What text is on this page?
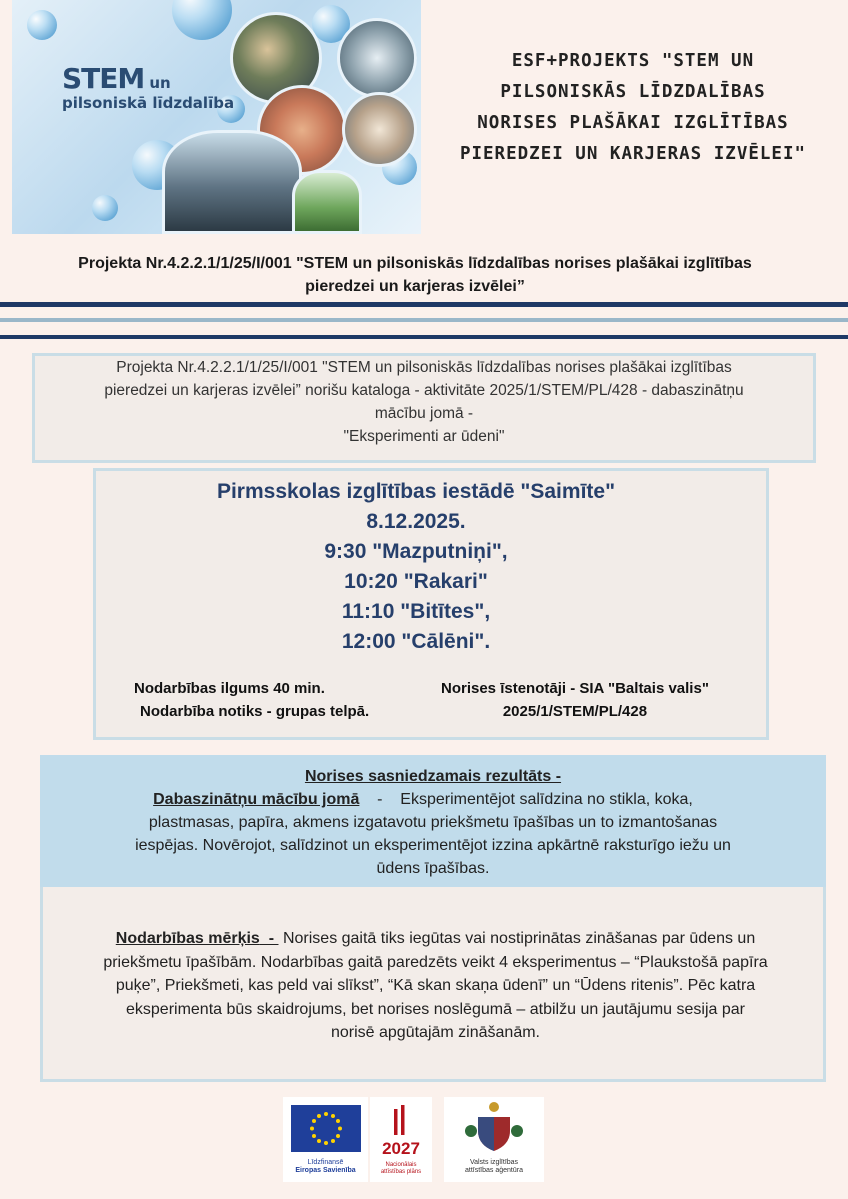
STEM un
pilsoniskā līdzdalība
ESF+PROJEKTS "STEM UN
PILSONISKĀS LĪDZDALĪBAS
NORISES PLAŠĀKAI IZGLĪTĪBAS
PIEREDZEI UN KARJERAS IZVĒLEI"
Projekta Nr.4.2.2.1/1/25/I/001 "STEM un pilsoniskās līdzdalības norises plašākai izglītības
pieredzei un karjeras izvēlei”
Projekta Nr.4.2.2.1/1/25/I/001 "STEM un pilsoniskās līdzdalības norises plašākai izglītības
pieredzei un karjeras izvēlei” norišu kataloga - aktivitāte 2025/1/STEM/PL/428 - dabaszinātņu
mācību jomā -
"Eksperimenti ar ūdeni"
Pirmsskolas izglītības iestādē "Saimīte"
8.12.2025.
9:30 "Mazputniņi",
10:20 "Rakari"
11:10 "Bitītes",
12:00 "Cālēni".
Nodarbības ilgums 40 min.
Nodarbība notiks - grupas telpā.
Norises īstenotāji - SIA "Baltais valis"
2025/1/STEM/PL/428
Norises sasniedzamais rezultāts -
Dabaszinātņu mācību jomā    -    Eksperimentējot salīdzina no stikla, koka,
plastmasas, papīra, akmens izgatavotu priekšmetu īpašības un to izmantošanas
iespējas. Novērojot, salīdzinot un eksperimentējot izzina apkārtnē raksturīgo iežu un
ūdens īpašības.
Nodarbības mērķis  -  Norises gaitā tiks iegūtas vai nostiprinātas zināšanas par ūdens un
priekšmetu īpašībām. Nodarbības gaitā paredzēts veikt 4 eksperimentus – “Plaukstošā papīra
puķe”, Priekšmeti, kas peld vai slīkst”, “Kā skan skaņa ūdenī” un “Ūdens ritenis”. Pēc katra
eksperimenta būs skaidrojums, bet norises noslēgumā – atbilžu un jautājumu sesija par
norisē apgūtajām zināšanām.
Līdzfinansē
Eiropas Savienība
2027
Nacionālais
attīstības plāns
Valsts izglītības
attīstības aģentūra
